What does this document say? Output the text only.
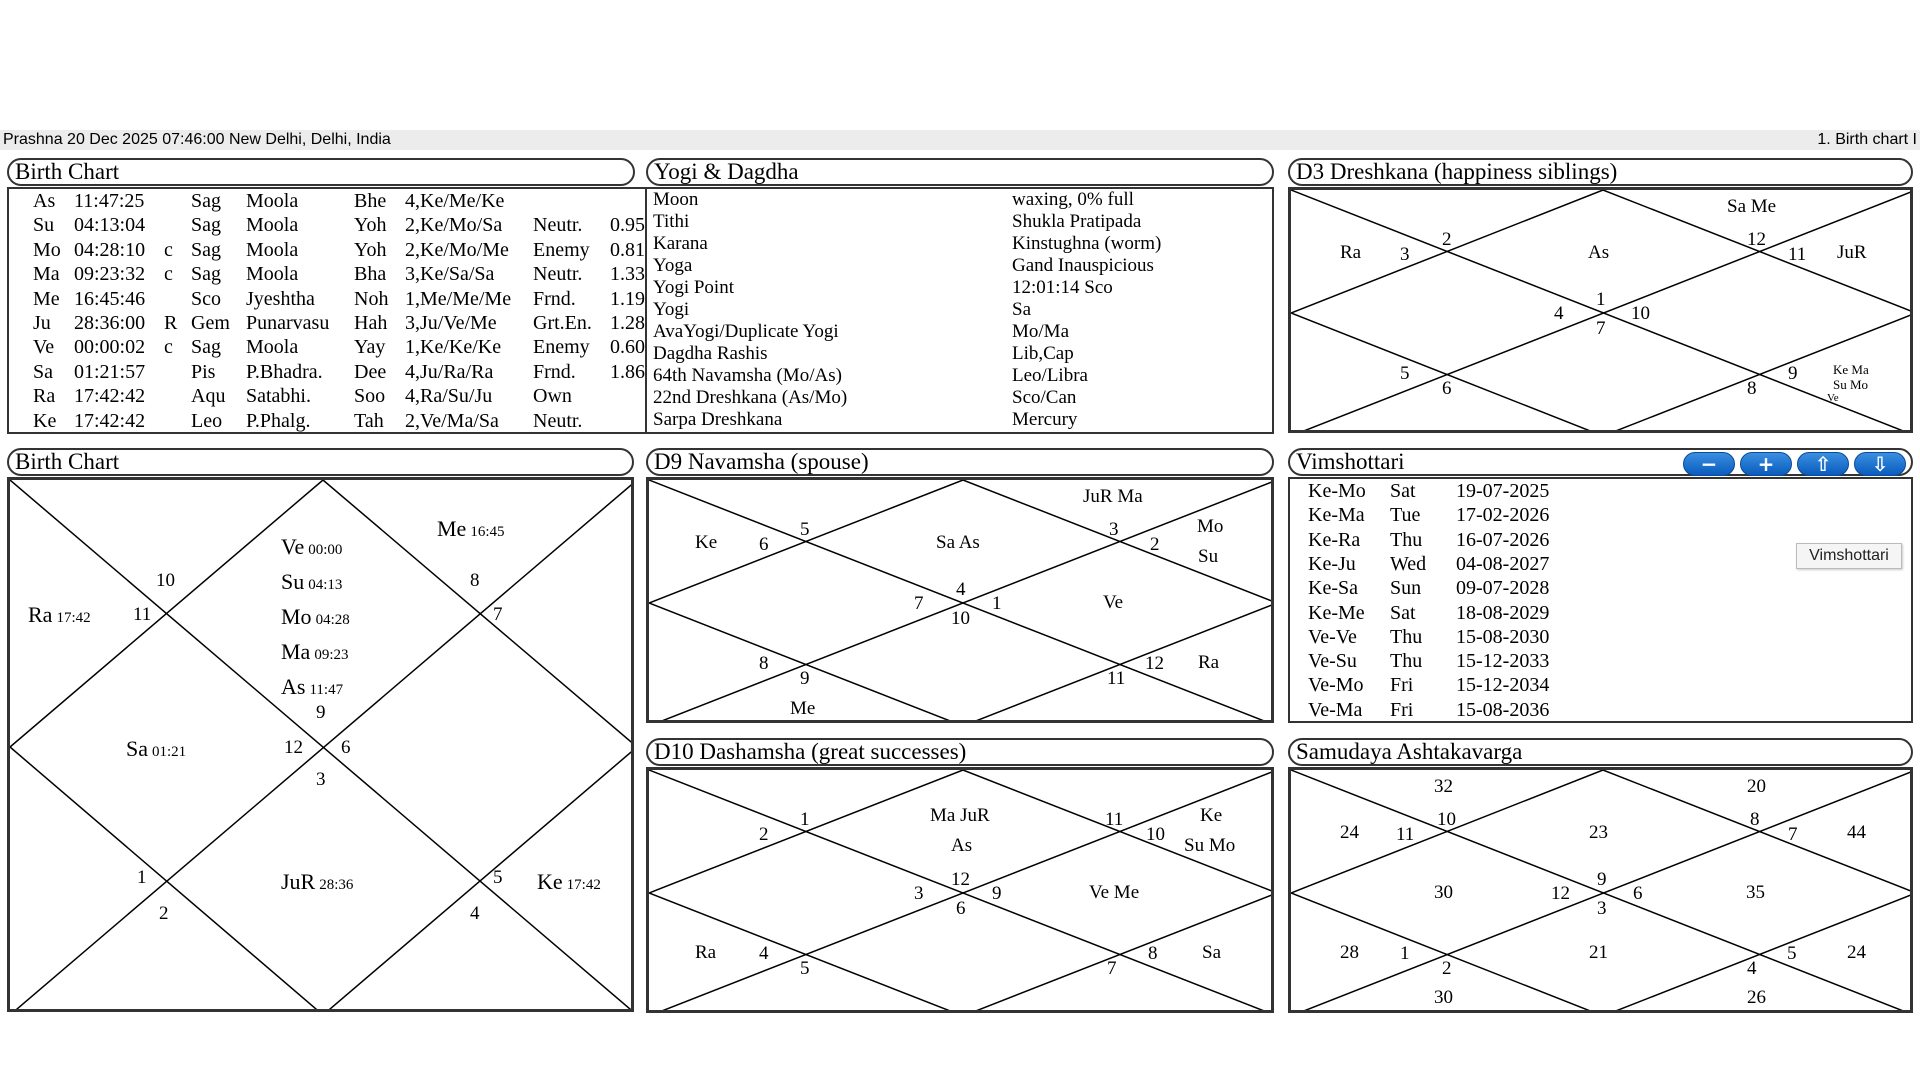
Prashna 20 Dec 2025 07:46:00 New Delhi, Delhi, India	1. Birth chart I
Birth Chart
As 11:47:25 Sag Moola	Bhe 4,Ke/Me/Ke
Su 04:13:04 Sag Moola	Yoh 2,Ke/Mo/Sa Neutr. 0.95
Mo 04:28:10 c Sag Moola	Yoh 2,Ke/Mo/Me Enemy 0.81
Ma 09:23:32 c Sag Moola	Bha 3,Ke/Sa/Sa Neutr. 1.33
Me 16:45:46 Sco Jyeshtha Noh 1,Me/Me/Me Frnd. 1.19
Ju 28:36:00 R Gem Punarvasu Hah 3,Ju/Ve/Me Grt.En. 1.28
Ve 00:00:02 c Sag Moola	Yay 1,Ke/Ke/Ke Enemy 0.60
Sa 01:21:57 Pis P.Bhadra. Dee 4,Ju/Ra/Ra Frnd. 1.86
Ra 17:42:42 Aqu Satabhi. Soo 4,Ra/Su/Ju Own
Ke 17:42:42 Leo P.Phalg. Tah 2,Ve/Ma/Sa Neutr.
Yogi & Dagdha
Moon	waxing, 0% full
Tithi	Shukla Pratipada
Karana	Kinstughna (worm)
Yoga	Gand Inauspicious
Yogi Point	12:01:14 Sco
Yogi	Sa
AvaYogi/Duplicate Yogi	Mo/Ma
Dagdha Rashis	Lib,Cap
64th Navamsha (Mo/As)	Leo/Libra
22nd Dreshkana (As/Mo)	Sco/Can
Sarpa Dreshkana	Mercury
D3 Dreshkana (happiness siblings)
2
3
12
11
1
4	10
7
5
6
9
8
Sa Me
Ra	As	JuR
Ke Ma
Su Mo
Ve
Birth Chart
10
11
8
7
9
12 6
3
1
2
5
4
Me 16:45
Ra 17:42
Ve 00:00
Su 04:13
Mo 04:28
Ma 09:23
As 11:47
Sa 01:21
JuR 28:36	Ke 17:42
D9 Navamsha (spouse)
5
6
3
2
4
7	1
10
8
9	11
12
JuR Ma
Ke	Sa As
Mo
Su
Ve
Me
Ra
Vimshottari	−	+	⇧	⇩
Ke-Mo Sat 19-07-2025
Ke-Ma Tue 17-02-2026
Ke-Ra Thu 16-07-2026
Ke-Ju Wed 04-08-2027
Ke-Sa Sun 09-07-2028
Ke-Me Sat 18-08-2029
Ve-Ve Thu 15-08-2030
Ve-Su Thu 15-12-2033
Ve-Mo Fri 15-12-2034
Ve-Ma Fri 15-08-2036
Vimshottari
D10 Dashamsha (great successes)
1
2
11
10
12
3	9
6
4
5	7
8
Ma JuR
As
Ke
Su Mo
Ve Me
Ra	Sa
Samudaya Ashtakavarga
10
11
8
7
9
12	6
3
1
2
5
4
32	20
24	23	44
30	35
28	21	24
30	26
